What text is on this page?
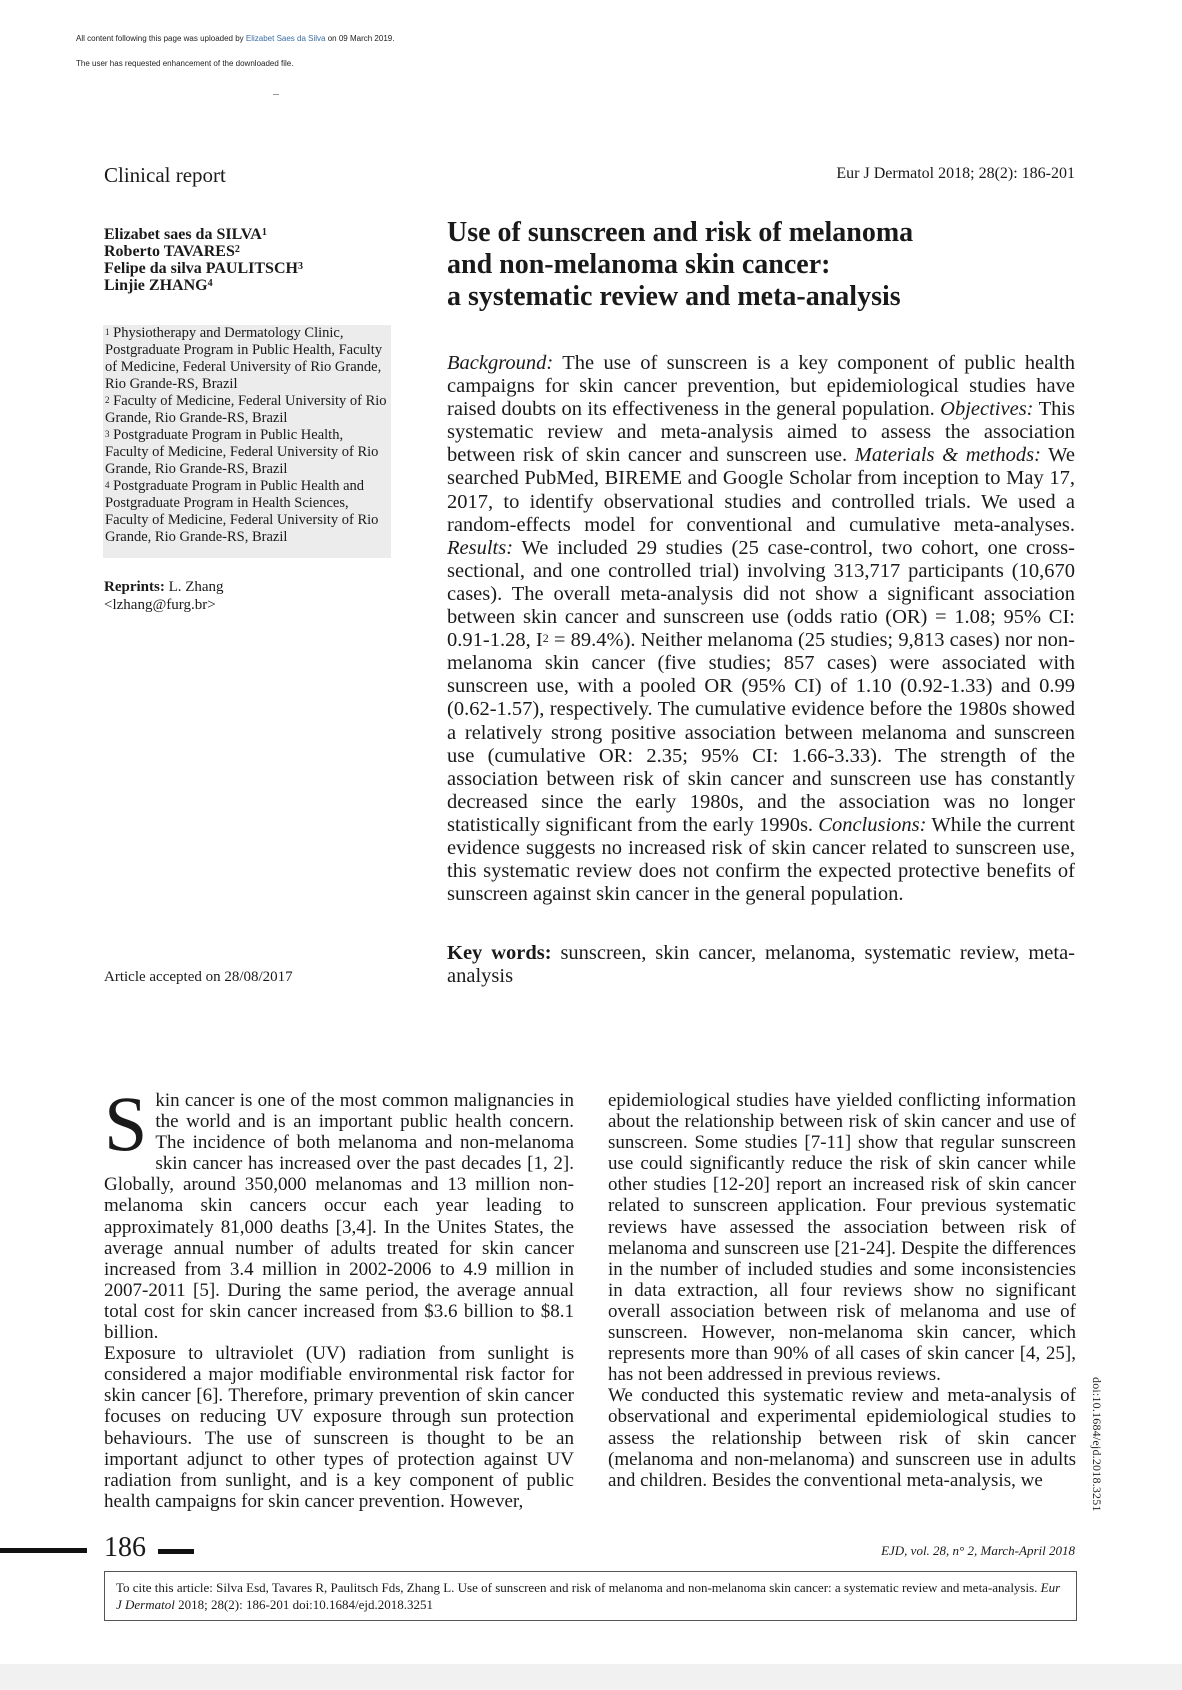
All content following this page was uploaded by Elizabet Saes da Silva on 09 March 2019.
The user has requested enhancement of the downloaded file.
Clinical report	Eur J Dermatol 2018; 28(2): 186-201
Elizabet saes da SILVA$^1$
Roberto TAVARES$^2$
Felipe da silva PAULITSCH$^3$
Linjie ZHANG$^4$

$^1$ Physiotherapy and Dermatology Clinic, Postgraduate Program in Public Health, Faculty of Medicine, Federal University of Rio Grande, Rio Grande-RS, Brazil

$^2$ Faculty of Medicine, Federal University of Rio Grande, Rio Grande-RS, Brazil

$^3$ Postgraduate Program in Public Health, Faculty of Medicine, Federal University of Rio Grande, Rio Grande-RS, Brazil

$^4$ Postgraduate Program in Public Health and Postgraduate Program in Health Sciences, Faculty of Medicine, Federal University of Rio Grande, Rio Grande-RS, Brazil

Reprints: L. Zhang
<lzhang@furg.br>
Article accepted on 28/08/2017
Use of sunscreen and risk of melanoma
and non-melanoma skin cancer:
a systematic review and meta-analysis

Background: The use of sunscreen is a key component of public health campaigns for skin cancer prevention, but epidemiological studies have raised doubts on its effectiveness in the general population. Objectives: This systematic review and meta-analysis aimed to assess the association between risk of skin cancer and sunscreen use. Materials & methods: We searched PubMed, BIREME and Google Scholar from inception to May 17, 2017, to identify observational studies and controlled trials. We used a random-effects model for conventional and cumulative meta-analyses. Results: We included 29 studies (25 case-control, two cohort, one cross-sectional, and one controlled trial) involving 313,717 participants (10,670 cases). The overall meta-analysis did not show a significant association between skin cancer and sunscreen use (odds ratio (OR) = 1.08; 95% CI: 0.91-1.28, $I^2 = 89.4\%$). Neither melanoma (25 studies; 9,813 cases) nor non-melanoma skin cancer (five studies; 857 cases) were associated with sunscreen use, with a pooled OR (95% CI) of 1.10 (0.92-1.33) and 0.99 (0.62-1.57), respectively. The cumulative evidence before the 1980s showed a relatively strong positive association between melanoma and sunscreen use (cumulative OR: 2.35; 95% CI: 1.66-3.33). The strength of the association between risk of skin cancer and sunscreen use has constantly decreased since the early 1980s, and the association was no longer statistically significant from the early 1990s. Conclusions: While the current evidence suggests no increased risk of skin cancer related to sunscreen use, this systematic review does not confirm the expected protective benefits of sunscreen against skin cancer in the general population.

Key words: sunscreen, skin cancer, melanoma, systematic review, meta-analysis

Skin cancer is one of the most common malignancies in the world and is an important public health concern. The incidence of both melanoma and non-melanoma skin cancer has increased over the past decades [1, 2]. Globally, around 350,000 melanomas and 13 million non-melanoma skin cancers occur each year leading to approximately 81,000 deaths [3,4]. In the Unites States, the average annual number of adults treated for skin cancer increased from 3.4 million in 2002-2006 to 4.9 million in 2007-2011 [5]. During the same period, the average annual total cost for skin cancer increased from $3.6 billion to $8.1 billion.

Exposure to ultraviolet (UV) radiation from sunlight is considered a major modifiable environmental risk factor for skin cancer [6]. Therefore, primary prevention of skin cancer focuses on reducing UV exposure through sun protection behaviours. The use of sunscreen is thought to be an important adjunct to other types of protection against UV radiation from sunlight, and is a key component of public health campaigns for skin cancer prevention. However,

epidemiological studies have yielded conflicting information about the relationship between risk of skin cancer and use of sunscreen. Some studies [7-11] show that regular sunscreen use could significantly reduce the risk of skin cancer while other studies [12-20] report an increased risk of skin cancer related to sunscreen application. Four previous systematic reviews have assessed the association between risk of melanoma and sunscreen use [21-24]. Despite the differences in the number of included studies and some inconsistencies in data extraction, all four reviews show no significant overall association between risk of melanoma and use of sunscreen. However, non-melanoma skin cancer, which represents more than 90% of all cases of skin cancer [4, 25], has not been addressed in previous reviews.

We conducted this systematic review and meta-analysis of observational and experimental epidemiological studies to assess the relationship between risk of skin cancer (melanoma and non-melanoma) and sunscreen use in adults and children. Besides the conventional meta-analysis, we	doi:10.1684/ejd.2018.3251
186	EJD, vol. 28, n° 2, March-April 2018
To cite this article: Silva Esd, Tavares R, Paulitsch Fds, Zhang L. Use of sunscreen and risk of melanoma and non-melanoma skin cancer: a systematic review and meta-analysis. Eur J Dermatol 2018; 28(2): 186-201 doi:10.1684/ejd.2018.3251
